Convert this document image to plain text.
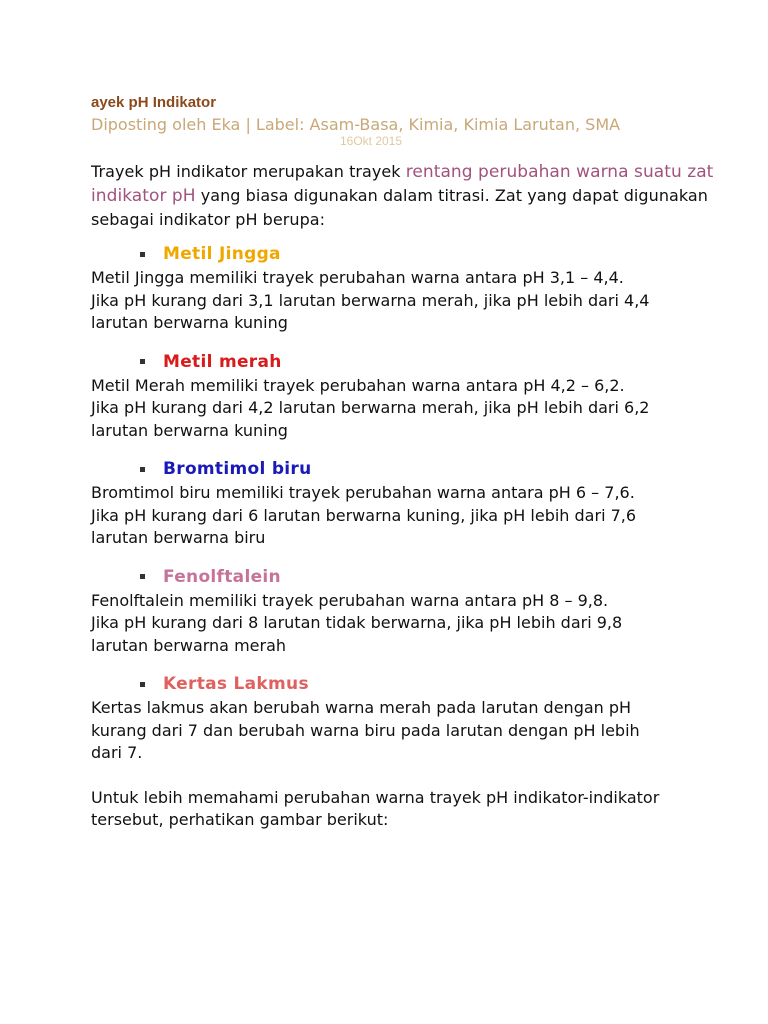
ayek pH Indikator

Diposting oleh Eka | Label: Asam-Basa, Kimia, Kimia Larutan, SMA

16Okt 2015

Trayek pH indikator merupakan trayek rentang perubahan warna suatu zat indikator pH yang biasa digunakan dalam titrasi. Zat yang dapat digunakan sebagai indikator pH berupa:

Metil Jingga

Metil Jingga memiliki trayek perubahan warna antara pH 3,1 – 4,4.

Jika pH kurang dari 3,1 larutan berwarna merah, jika pH lebih dari 4,4 larutan berwarna kuning

Metil merah

Metil Merah memiliki trayek perubahan warna antara pH 4,2 – 6,2.

Jika pH kurang dari 4,2 larutan berwarna merah, jika pH lebih dari 6,2 larutan berwarna kuning

Bromtimol biru

Bromtimol biru memiliki trayek perubahan warna antara pH 6 – 7,6.

Jika pH kurang dari 6 larutan berwarna kuning, jika pH lebih dari 7,6 larutan berwarna biru

Fenolftalein

Fenolftalein memiliki trayek perubahan warna antara pH 8 – 9,8.

Jika pH kurang dari 8 larutan tidak berwarna, jika pH lebih dari 9,8 larutan berwarna merah

Kertas Lakmus

Kertas lakmus akan berubah warna merah pada larutan dengan pH kurang dari 7 dan berubah warna biru pada larutan dengan pH lebih dari 7.

Untuk lebih memahami perubahan warna trayek pH indikator-indikator tersebut, perhatikan gambar berikut:
